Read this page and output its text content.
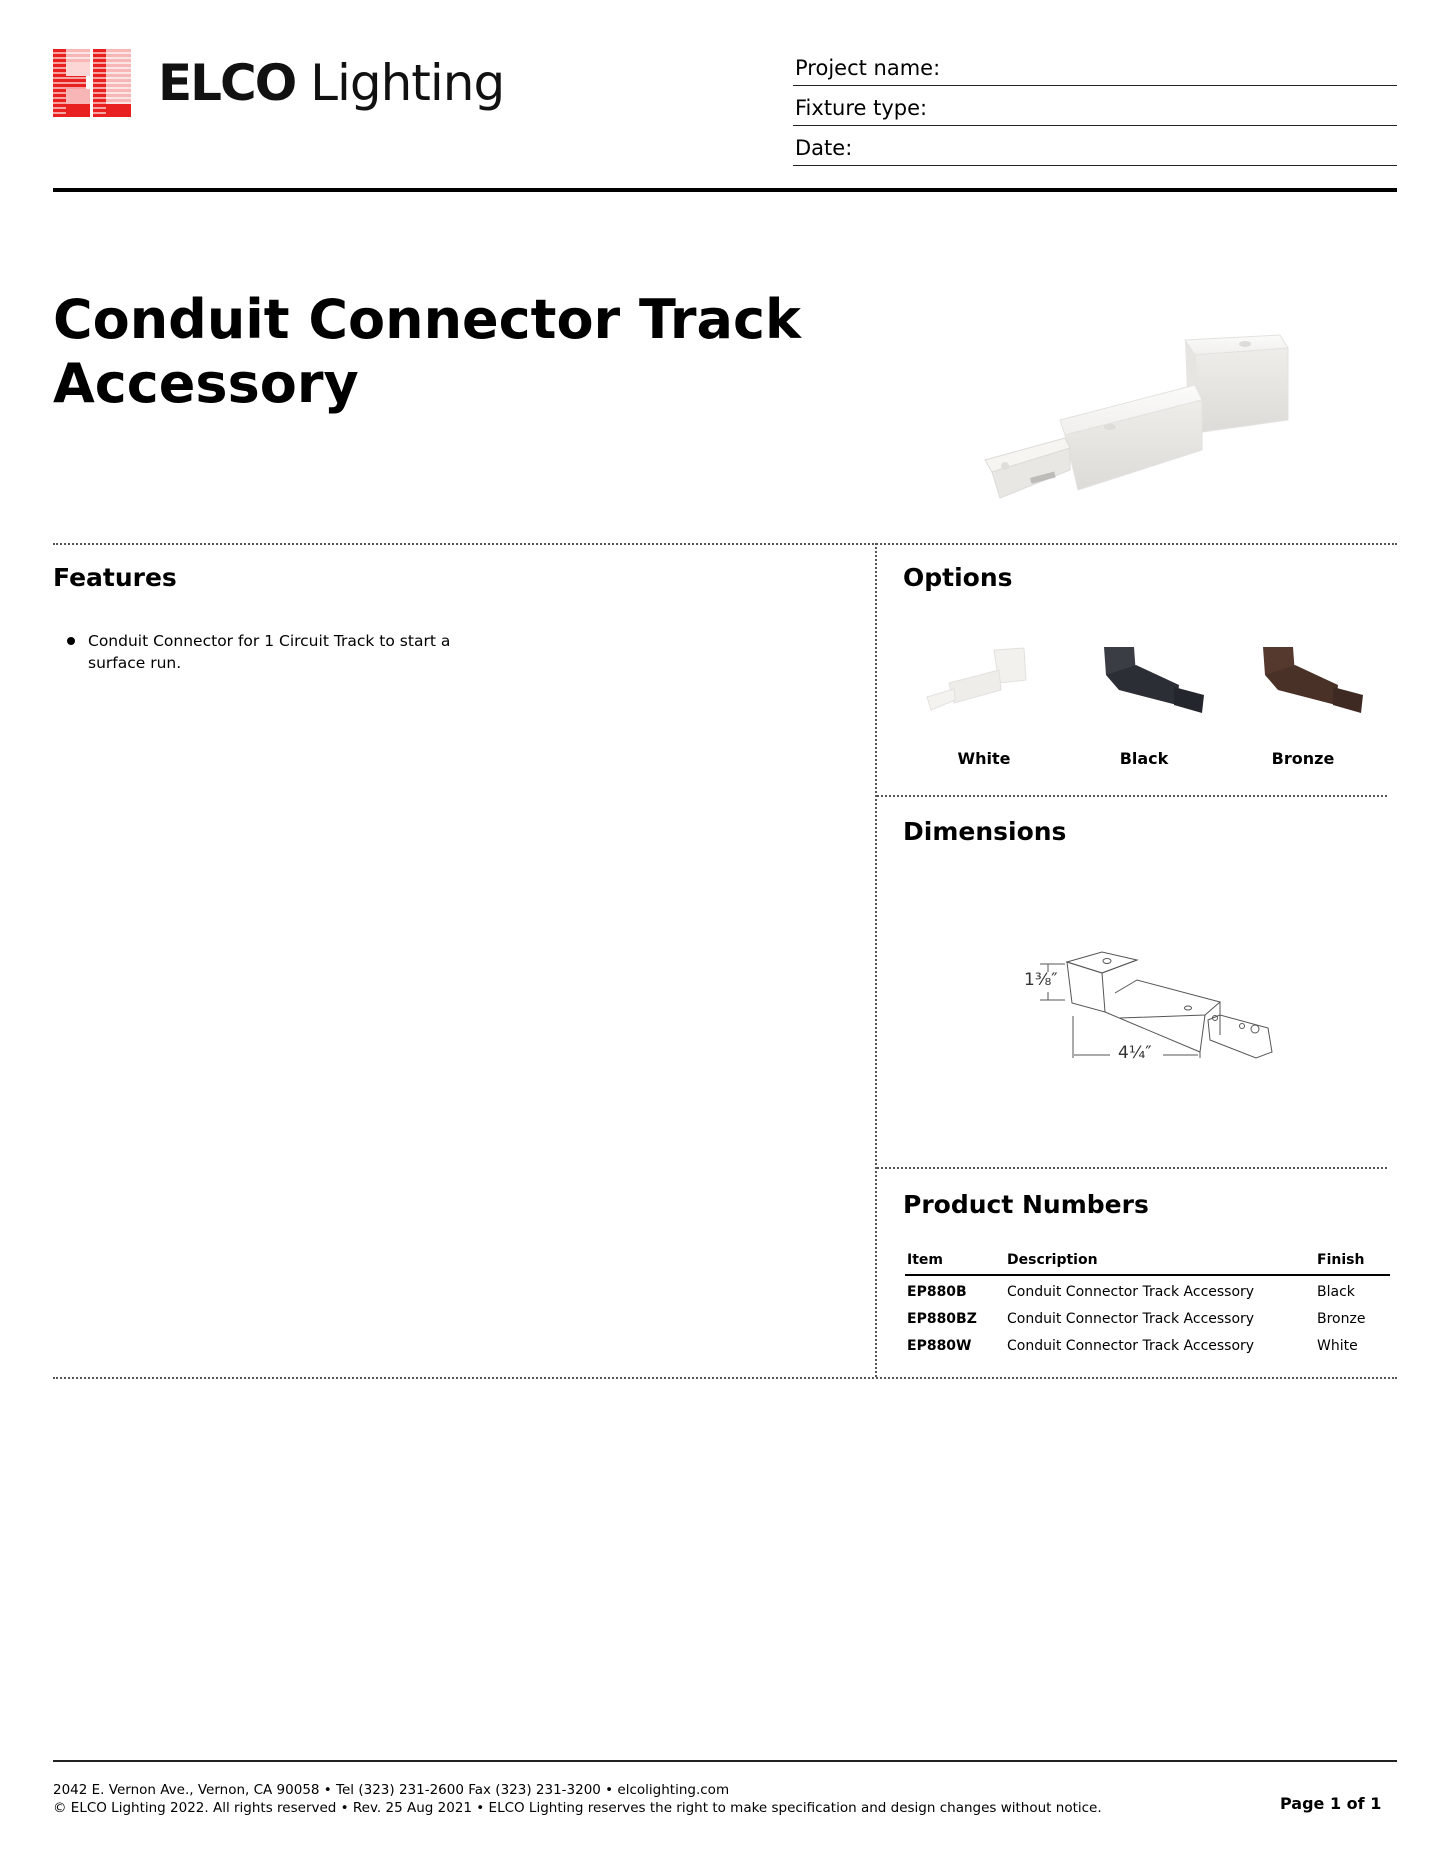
ELCO Lighting	Project name:
Fixture type:
Date:
Conduit Connector Track
Accessory
Features
Conduit Connector for 1 Circuit Track to start a surface run.
Options
White	Black	Bronze
Dimensions
1⅜″
4¼″
Product Numbers
Item	Description	Finish
EP880B	Conduit Connector Track Accessory	Black
EP880BZ	Conduit Connector Track Accessory	Bronze
EP880W	Conduit Connector Track Accessory	White
2042 E. Vernon Ave., Vernon, CA 90058 • Tel (323) 231-2600 Fax (323) 231-3200 • elcolighting.com
© ELCO Lighting 2022. All rights reserved • Rev. 25 Aug 2021 • ELCO Lighting reserves the right to make specification and design changes without notice.	Page 1 of 1
